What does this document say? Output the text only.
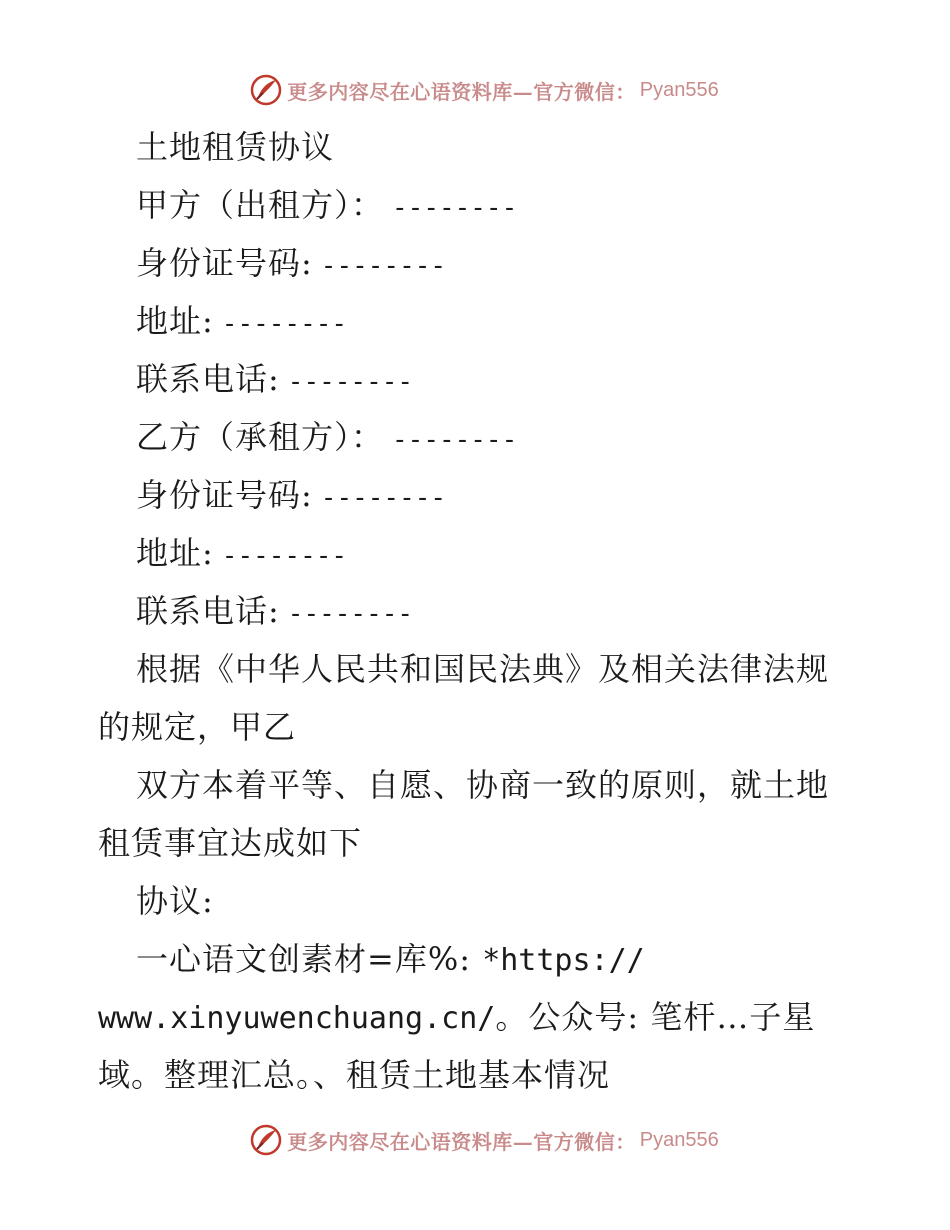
更多内容尽在心语资料库—官方微信： Pyan556
土地租赁协议
甲方（出租方）： --------
身份证号码: --------
地址: --------
联系电话: --------
乙方（承租方）： --------
身份证号码: --------
地址: --------
联系电话: --------
根据《中华人民共和国民法典》及相关法律法规
的规定，甲乙
双方本着平等、自愿、协商一致的原则，就土地
租赁事宜达成如下
协议:
一心语文创素材=库%: *https://
www.xinyuwenchuang.cn/。公众号: 笔杆…子星
域。整理汇总。、租赁土地基本情况
更多内容尽在心语资料库—官方微信： Pyan556
